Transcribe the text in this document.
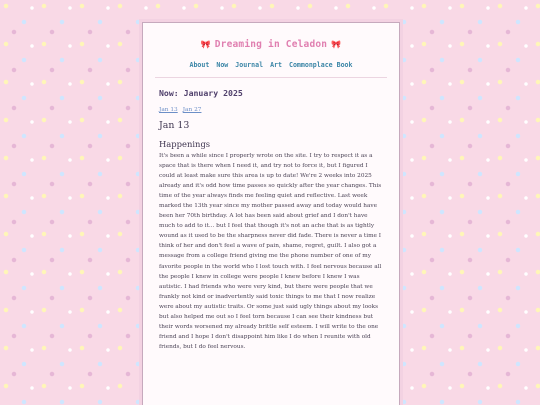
🎀 Dreaming in Celadon 🎀
About Now Journal Art Commonplace Book
Now: January 2025
Jan 13 Jan 27
Jan 13
Happenings
It's been a while since I properly wrote on the site. I try to respect it as a space that is there when I need it, and try not to force it, but I figured I could at least make sure this area is up to date! We're 2 weeks into 2025 already and it's odd how time passes so quickly after the year changes. This time of the year always finds me feeling quiet and reflective. Last week marked the 13th year since my mother passed away and today would have been her 70th birthday. A lot has been said about grief and I don't have much to add to it... but I feel that though it's not an ache that is as tightly wound as it used to be the sharpness never did fade. There is never a time I think of her and don't feel a wave of pain, shame, regret, guilt. I also got a message from a college friend giving me the phone number of one of my favorite people in the world who I lost touch with. I feel nervous because all the people I knew in college were people I knew before I knew I was autistic. I had friends who were very kind, but there were people that we frankly not kind or inadvertently said toxic things to me that I now realize were about my autistic traits. Or some just said ugly things about my looks but also helped me out so I feel torn because I can see their kindness but their words worsened my already brittle self esteem. I will write to the one friend and I hope I don't disappoint him like I do when I reunite with old friends, but I do feel nervous.
